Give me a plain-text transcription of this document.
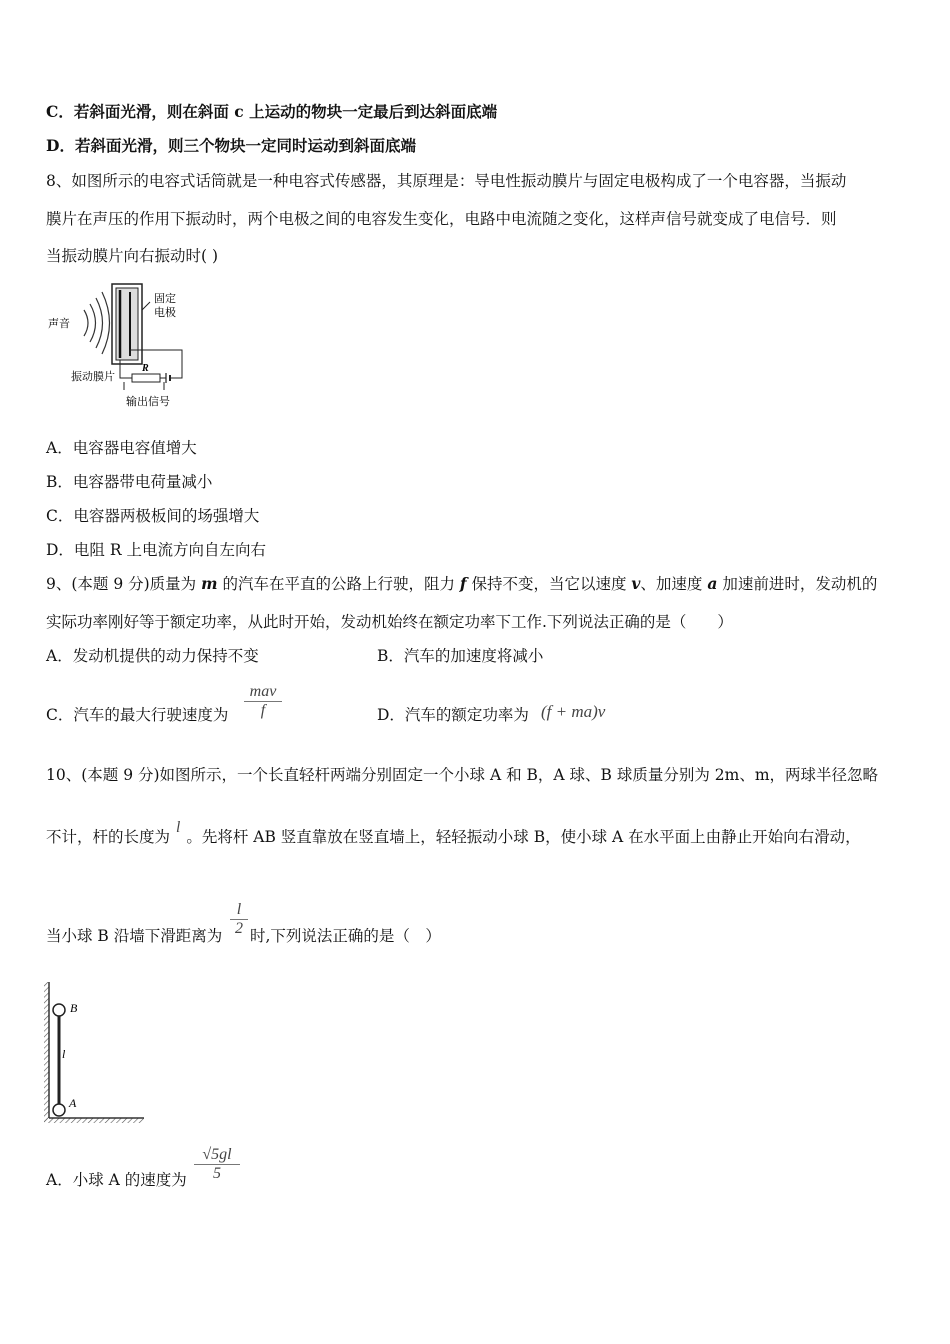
C．若斜面光滑，则在斜面 c 上运动的物块一定最后到达斜面底端
D．若斜面光滑，则三个物块一定同时运动到斜面底端
8、如图所示的电容式话筒就是一种电容式传感器，其原理是：导电性振动膜片与固定电极构成了一个电容器，当振动
膜片在声压的作用下振动时，两个电极之间的电容发生变化，电路中电流随之变化，这样声信号就变成了电信号．则
当振动膜片向右振动时( )
声音
固定
电极
R
振动膜片
输出信号
A．电容器电容值增大
B．电容器带电荷量减小
C．电容器两极板间的场强增大
D．电阻 R 上电流方向自左向右
9、(本题 9 分)质量为 m 的汽车在平直的公路上行驶，阻力 f 保持不变，当它以速度 v、加速度 a 加速前进时，发动机的
实际功率刚好等于额定功率，从此时开始，发动机始终在额定功率下工作.下列说法正确的是（　　）
A．发动机提供的动力保持不变	B．汽车的加速度将减小
C．汽车的最大行驶速度为
mav
f	D．汽车的额定功率为 (f + ma)v
10、(本题 9 分)如图所示，一个长直轻杆两端分别固定一个小球 A 和 B，A 球、B 球质量分别为 2m、m，两球半径忽略
不计，杆的长度为l。先将杆 AB 竖直靠放在竖直墙上，轻轻振动小球 B，使小球 A 在水平面上由静止开始向右滑动，
当小球 B 沿墙下滑距离为
l
2 时,下列说法正确的是（　）
B
l
A
A．小球 A 的速度为
√5gl
5
